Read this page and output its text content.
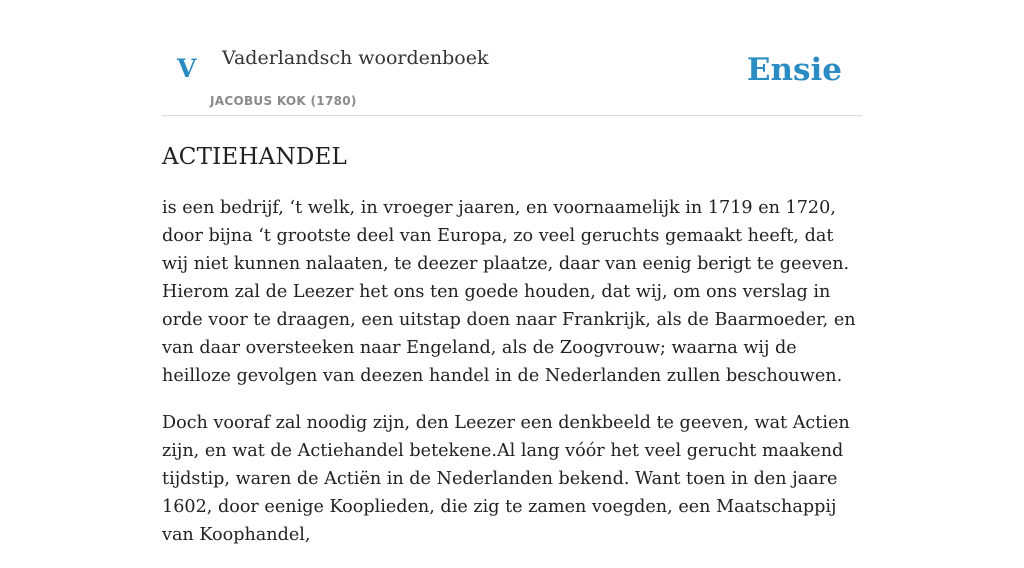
V Vaderlandsch woordenboek
JACOBUS KOK (1780)
Ensie
ACTIEHANDEL

is een bedrijf, ‘t welk, in vroeger jaaren, en voornaamelijk in 1719 en 1720, door bijna ‘t grootste deel van Europa, zo veel geruchts gemaakt heeft, dat wij niet kunnen nalaaten, te deezer plaatze, daar van eenig berigt te geeven. Hierom zal de Leezer het ons ten goede houden, dat wij, om ons verslag in orde voor te draagen, een uitstap doen naar Frankrijk, als de Baarmoeder, en van daar oversteeken naar Engeland, als de Zoogvrouw; waarna wij de heilloze gevolgen van deezen handel in de Nederlanden zullen beschouwen.

Doch vooraf zal noodig zijn, den Leezer een denkbeeld te geeven, wat Actien zijn, en wat de Actiehandel betekene.Al lang vóór het veel gerucht maakend tijdstip, waren de Actiën in de Nederlanden bekend. Want toen in den jaare 1602, door eenige Kooplieden, die zig te zamen voegden, een Maatschappij van Koophandel,
